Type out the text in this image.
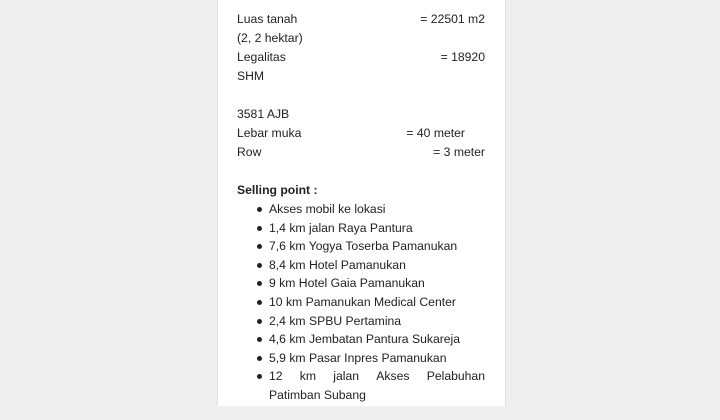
Luas tanah	= 22501 m2
(2, 2 hektar)
Legalitas	= 18920
SHM
3581 AJB
Lebar muka	= 40 meter
Row	= 3 meter
Selling point :
Akses mobil ke lokasi
1,4 km jalan Raya Pantura
7,6 km Yogya Toserba Pamanukan
8,4 km Hotel Pamanukan
9 km Hotel Gaia Pamanukan
10 km Pamanukan Medical Center
2,4 km SPBU Pertamina
4,6 km Jembatan Pantura Sukareja
5,9 km Pasar Inpres Pamanukan
12 km jalan Akses Pelabuhan
Patimban Subang
